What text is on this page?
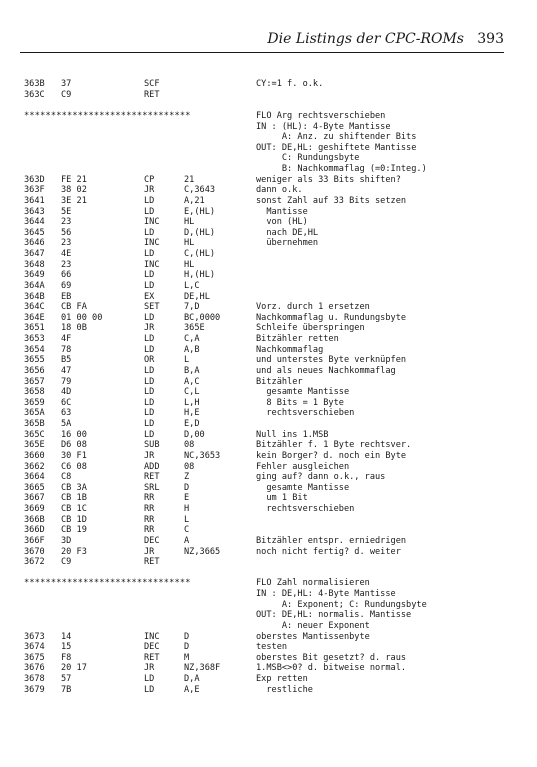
Die Listings der CPC-ROMs 393
363B 37	SCF	CY:=1 f. o.k.
363C C9	RET
*******************************	FLO Arg rechtsverschieben
IN : (HL): 4-Byte Mantisse
A: Anz. zu shiftender Bits
OUT: DE,HL: geshiftete Mantisse
C: Rundungsbyte
B: Nachkommaflag (=0:Integ.)
363D FE 21	CP	21	weniger als 33 Bits shiften?
363F 38 02	JR	C,3643	dann o.k.
3641 3E 21	LD	A,21	sonst Zahl auf 33 Bits setzen
3643 5E	LD	E,(HL)	Mantisse
3644 23	INC	HL	von (HL)
3645 56	LD	D,(HL)	nach DE,HL
3646 23	INC	HL	übernehmen
3647 4E	LD	C,(HL)
3648 23	INC	HL
3649 66	LD	H,(HL)
364A 69	LD	L,C
364B EB	EX	DE,HL
364C CB FA	SET	7,D	Vorz. durch 1 ersetzen
364E 01 00 00	LD	BC,0000	Nachkommaflag u. Rundungsbyte
3651 18 0B	JR	365E	Schleife überspringen
3653 4F	LD	C,A	Bitzähler retten
3654 78	LD	A,B	Nachkommaflag
3655 B5	OR	L	und unterstes Byte verknüpfen
3656 47	LD	B,A	und als neues Nachkommaflag
3657 79	LD	A,C	Bitzähler
3658 4D	LD	C,L	gesamte Mantisse
3659 6C	LD	L,H	8 Bits = 1 Byte
365A 63	LD	H,E	rechtsverschieben
365B 5A	LD	E,D
365C 16 00	LD	D,00	Null ins 1.MSB
365E D6 08	SUB	08	Bitzähler f. 1 Byte rechtsver.
3660 30 F1	JR	NC,3653	kein Borger? d. noch ein Byte
3662 C6 08	ADD	08	Fehler ausgleichen
3664 C8	RET	Z	ging auf? dann o.k., raus
3665 CB 3A	SRL	D	gesamte Mantisse
3667 CB 1B	RR	E	um 1 Bit
3669 CB 1C	RR	H	rechtsverschieben
366B CB 1D	RR	L
366D CB 19	RR	C
366F 3D	DEC	A	Bitzähler entspr. erniedrigen
3670 20 F3	JR	NZ,3665	noch nicht fertig? d. weiter
3672 C9	RET
*******************************	FLO Zahl normalisieren
IN : DE,HL: 4-Byte Mantisse
A: Exponent; C: Rundungsbyte
OUT: DE,HL: normalis. Mantisse
A: neuer Exponent
3673 14	INC	D	oberstes Mantissenbyte
3674 15	DEC	D	testen
3675 F8	RET	M	oberstes Bit gesetzt? d. raus
3676 20 17	JR	NZ,368F	1.MSB<>0? d. bitweise normal.
3678 57	LD	D,A	Exp retten
3679 7B	LD	A,E	restliche
